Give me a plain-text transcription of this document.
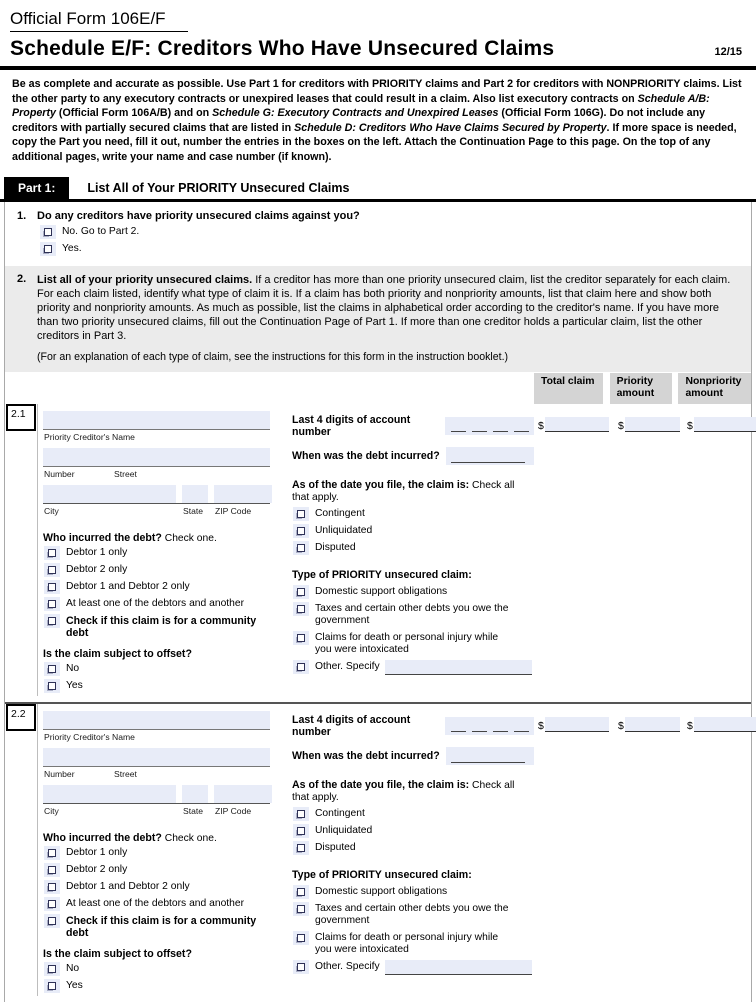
Official Form 106E/F
Schedule E/F: Creditors Who Have Unsecured Claims	12/15

Be as complete and accurate as possible. Use Part 1 for creditors with PRIORITY claims and Part 2 for creditors with NONPRIORITY claims. List the other party to any executory contracts or unexpired leases that could result in a claim. Also list executory contracts on Schedule A/B: Property (Official Form 106A/B) and on Schedule G: Executory Contracts and Unexpired Leases (Official Form 106G). Do not include any creditors with partially secured claims that are listed in Schedule D: Creditors Who Have Claims Secured by Property. If more space is needed, copy the Part you need, fill it out, number the entries in the boxes on the left. Attach the Continuation Page to this page. On the top of any additional pages, write your name and case number (if known).

Part 1:	List All of Your PRIORITY Unsecured Claims
1. Do any creditors have priority unsecured claims against you?
No. Go to Part 2.
Yes.
2. List all of your priority unsecured claims. If a creditor has more than one priority unsecured claim, list the creditor separately for each claim. For each claim listed, identify what type of claim it is. If a claim has both priority and nonpriority amounts, list that claim here and show both priority and nonpriority amounts. As much as possible, list the claims in alphabetical order according to the creditor's name. If you have more than two priority unsecured claims, fill out the Continuation Page of Part 1. If more than one creditor holds a particular claim, list the other creditors in Part 3.
(For an explanation of each type of claim, see the instructions for this form in the instruction booklet.)
Total claim	Priority amount
Nonpriority amount
2.1
Priority Creditor's Name
Number	Street
City	State	ZIP Code
Who incurred the debt? Check one.
Debtor 1 only
Debtor 2 only
Debtor 1 and Debtor 2 only
At least one of the debtors and another
Check if this claim is for a community debt
Is the claim subject to offset?
No
Yes
Last 4 digits of account number
When was the debt incurred?
As of the date you file, the claim is: Check all that apply.
Contingent
Unliquidated
Disputed
Type of PRIORITY unsecured claim:
Domestic support obligations
Taxes and certain other debts you owe the government
Claims for death or personal injury while you were intoxicated
Other. Specify
$	$	$
2.2
Priority Creditor's Name
Number	Street
City	State	ZIP Code
Who incurred the debt? Check one.
Debtor 1 only
Debtor 2 only
Debtor 1 and Debtor 2 only
At least one of the debtors and another
Check if this claim is for a community debt
Is the claim subject to offset?
No
Yes
Last 4 digits of account number
When was the debt incurred?
As of the date you file, the claim is: Check all that apply.
Contingent
Unliquidated
Disputed
Type of PRIORITY unsecured claim:
Domestic support obligations
Taxes and certain other debts you owe the government
Claims for death or personal injury while you were intoxicated
Other. Specify
$	$	$
